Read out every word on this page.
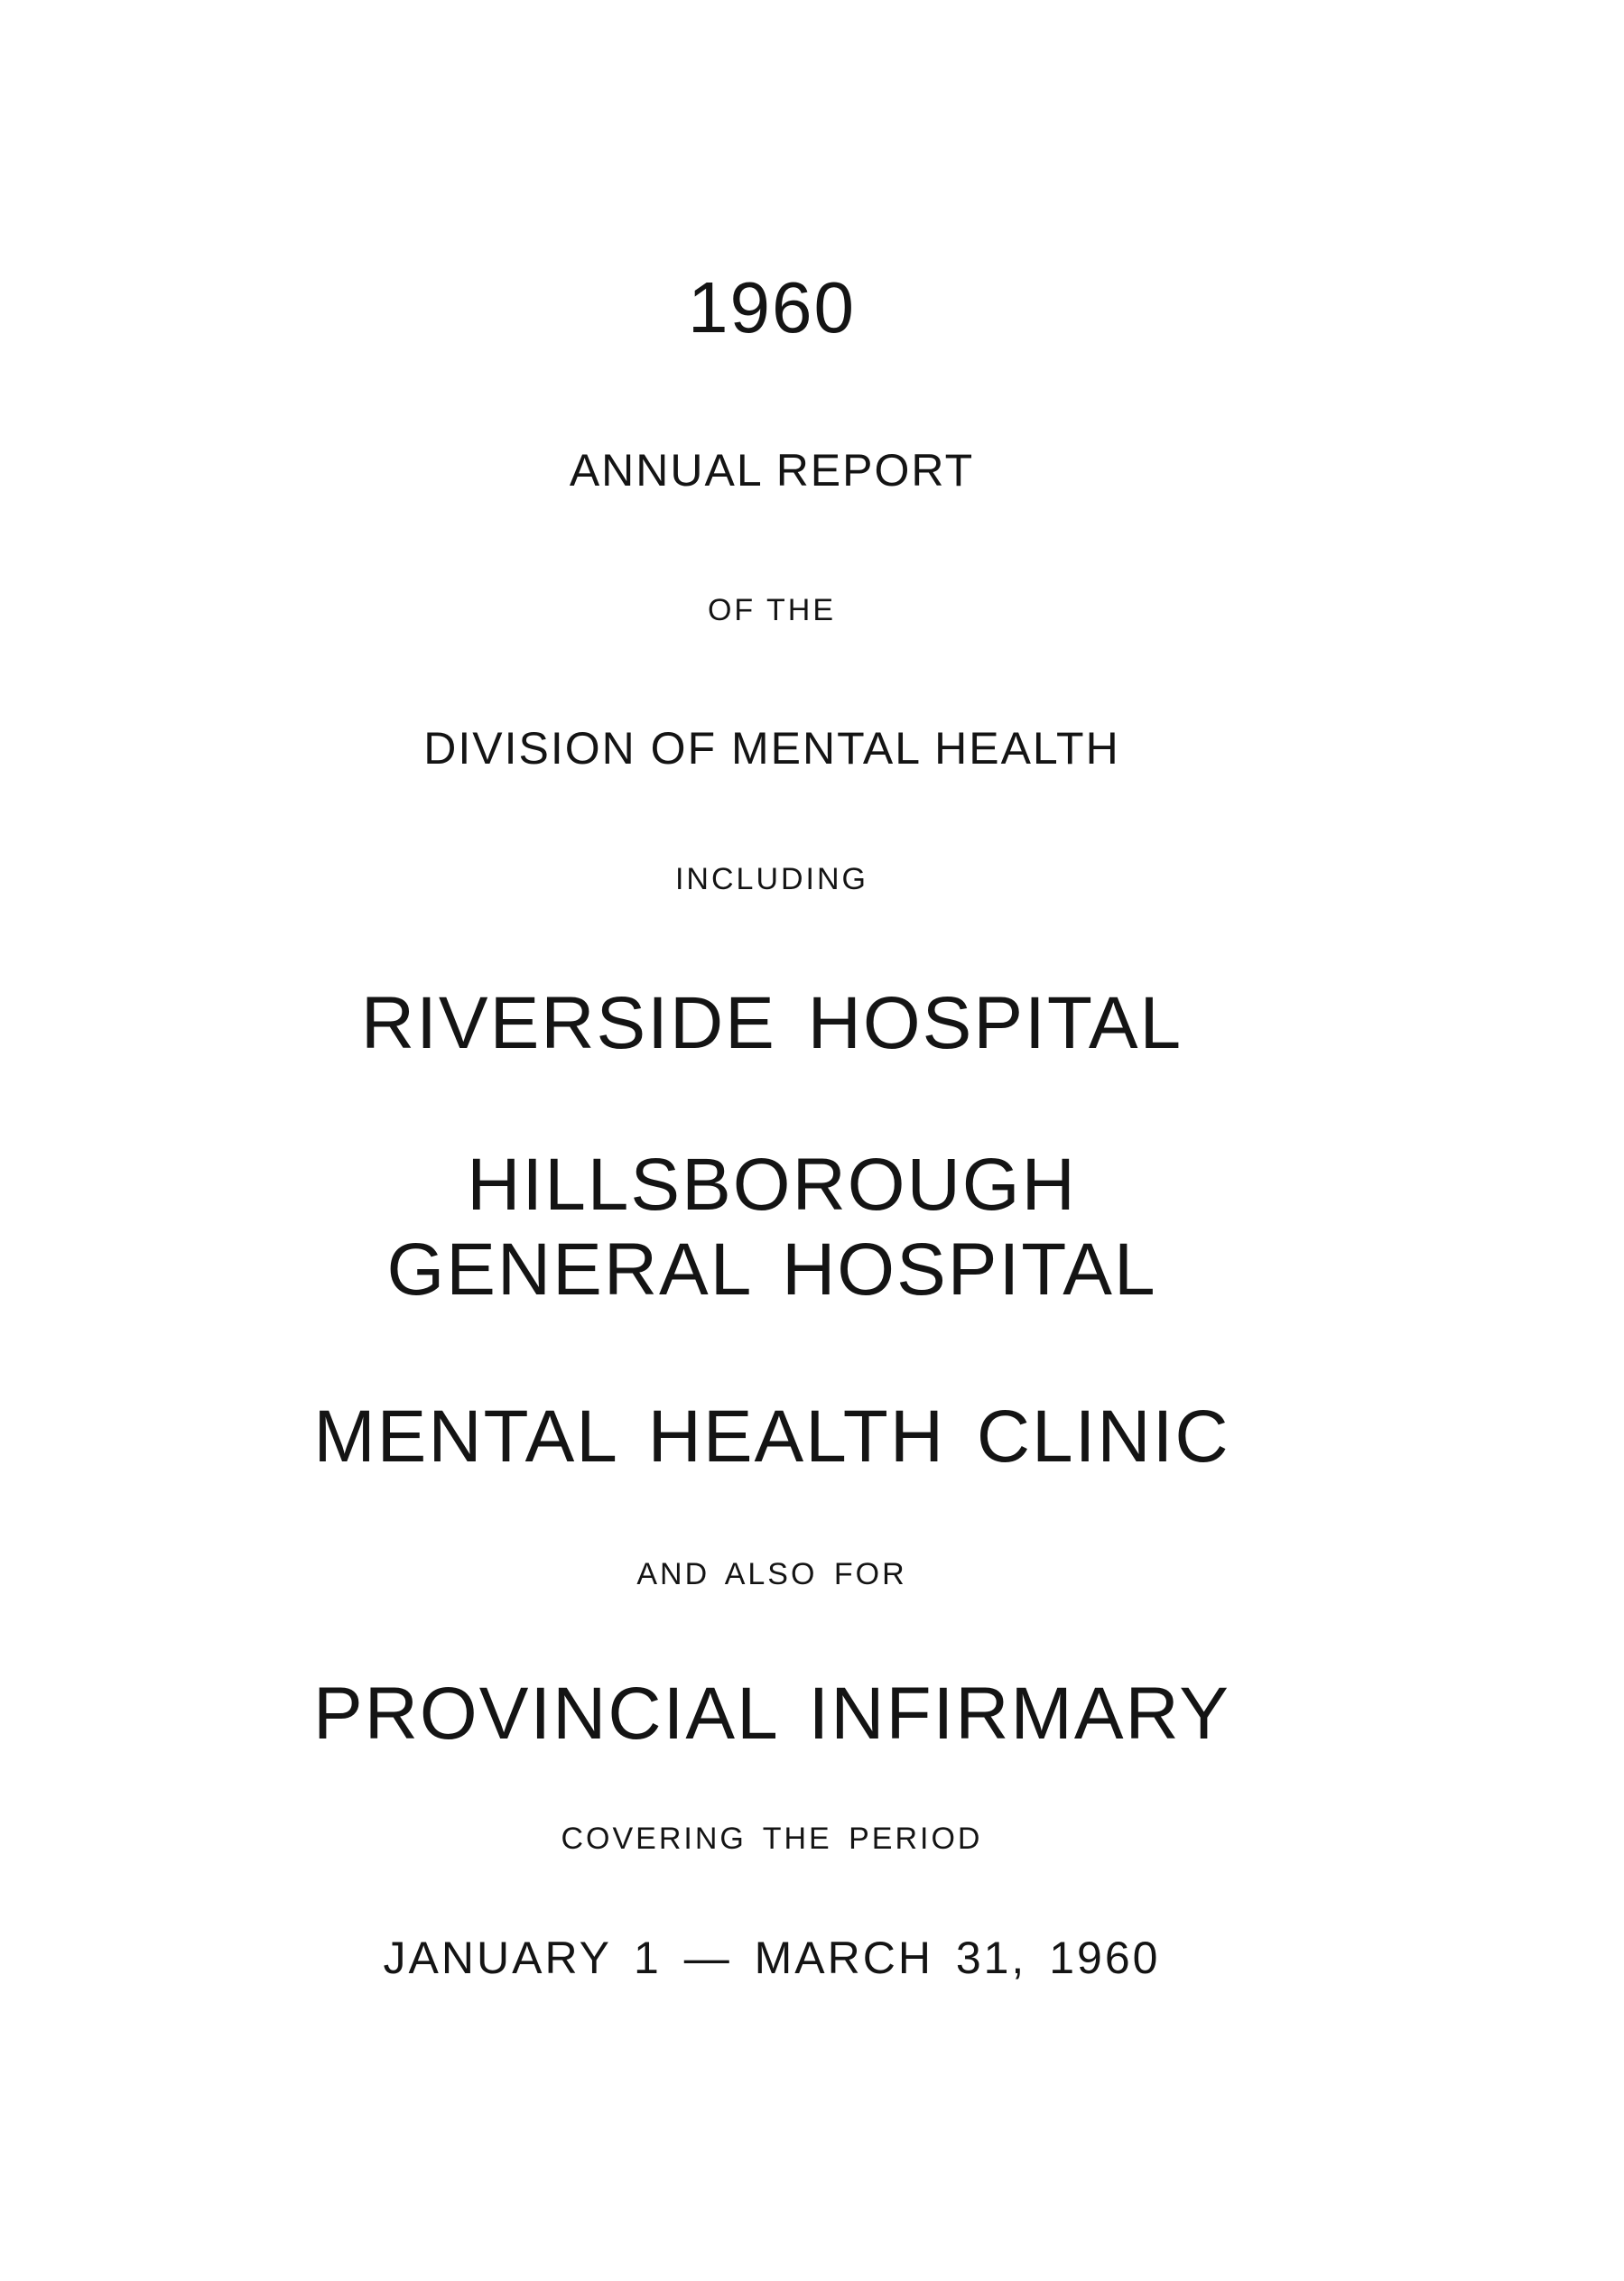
1960
ANNUAL REPORT
OF THE
DIVISION OF MENTAL HEALTH
INCLUDING
RIVERSIDE HOSPITAL
HILLSBOROUGH
GENERAL HOSPITAL
MENTAL HEALTH CLINIC
AND ALSO FOR
PROVINCIAL INFIRMARY
COVERING THE PERIOD
JANUARY 1 — MARCH 31, 1960
